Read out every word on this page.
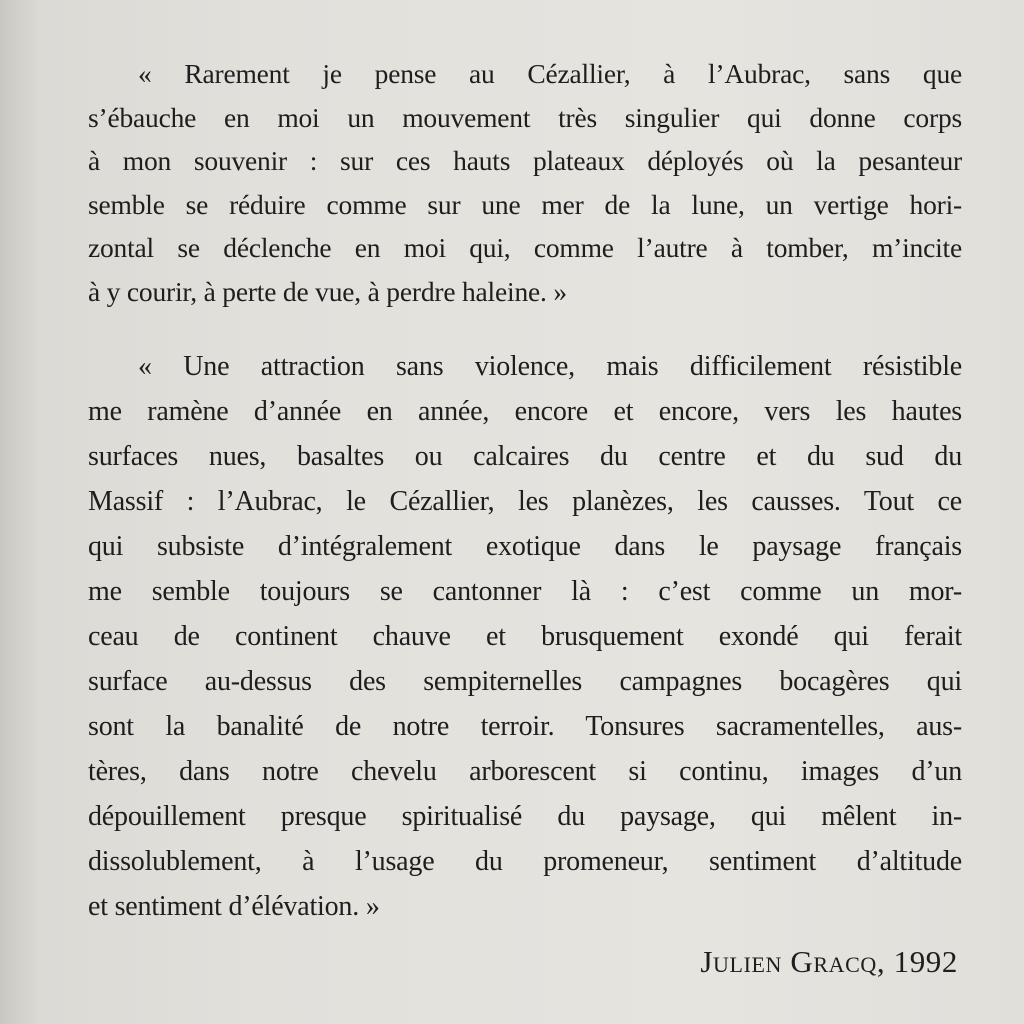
« Rarement je pense au Cézallier, à l’Aubrac, sans que
s’ébauche en moi un mouvement très singulier qui donne corps
à mon souvenir : sur ces hauts plateaux déployés où la pesanteur
semble se réduire comme sur une mer de la lune, un vertige hori-
zontal se déclenche en moi qui, comme l’autre à tomber, m’incite
à y courir, à perte de vue, à perdre haleine. »

« Une attraction sans violence, mais difficilement résistible
me ramène d’année en année, encore et encore, vers les hautes
surfaces nues, basaltes ou calcaires du centre et du sud du
Massif : l’Aubrac, le Cézallier, les planèzes, les causses. Tout ce
qui subsiste d’intégralement exotique dans le paysage français
me semble toujours se cantonner là : c’est comme un mor-
ceau de continent chauve et brusquement exondé qui ferait
surface au-dessus des sempiternelles campagnes bocagères qui
sont la banalité de notre terroir. Tonsures sacramentelles, aus-
tères, dans notre chevelu arborescent si continu, images d’un
dépouillement presque spiritualisé du paysage, qui mêlent in-
dissolublement, à l’usage du promeneur, sentiment d’altitude
et sentiment d’élévation. »

Julien Gracq, 1992
